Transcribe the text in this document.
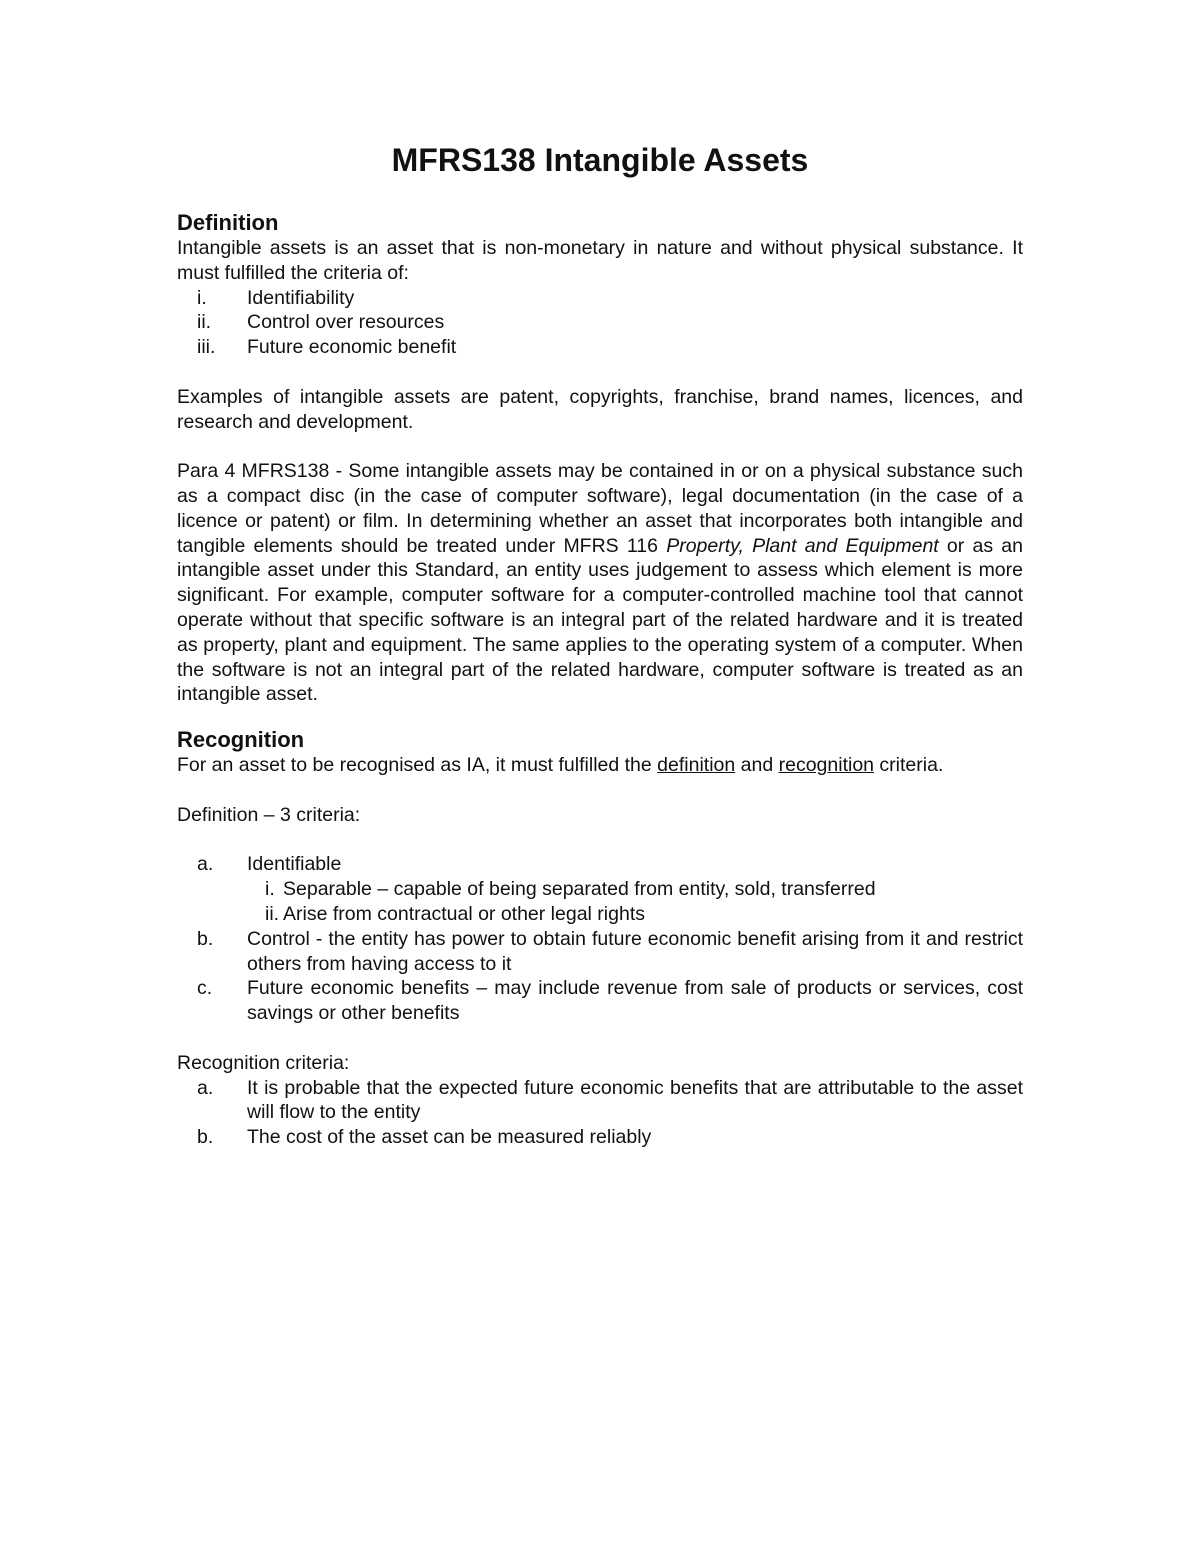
MFRS138 Intangible Assets
Definition
Intangible assets is an asset that is non-monetary in nature and without physical substance. It must fulfilled the criteria of:
i. Identifiability
ii. Control over resources
iii. Future economic benefit
Examples of intangible assets are patent, copyrights, franchise, brand names, licences, and research and development.
Para 4 MFRS138 - Some intangible assets may be contained in or on a physical substance such as a compact disc (in the case of computer software), legal documentation (in the case of a licence or patent) or film. In determining whether an asset that incorporates both intangible and tangible elements should be treated under MFRS 116 Property, Plant and Equipment or as an intangible asset under this Standard, an entity uses judgement to assess which element is more significant. For example, computer software for a computer-controlled machine tool that cannot operate without that specific software is an integral part of the related hardware and it is treated as property, plant and equipment. The same applies to the operating system of a computer. When the software is not an integral part of the related hardware, computer software is treated as an intangible asset.
Recognition
For an asset to be recognised as IA, it must fulfilled the definition and recognition criteria.
Definition – 3 criteria:
a. Identifiable
i. Separable – capable of being separated from entity, sold, transferred
ii. Arise from contractual or other legal rights
b. Control - the entity has power to obtain future economic benefit arising from it and restrict others from having access to it
c. Future economic benefits – may include revenue from sale of products or services, cost savings or other benefits
Recognition criteria:
a. It is probable that the expected future economic benefits that are attributable to the asset will flow to the entity
b. The cost of the asset can be measured reliably
